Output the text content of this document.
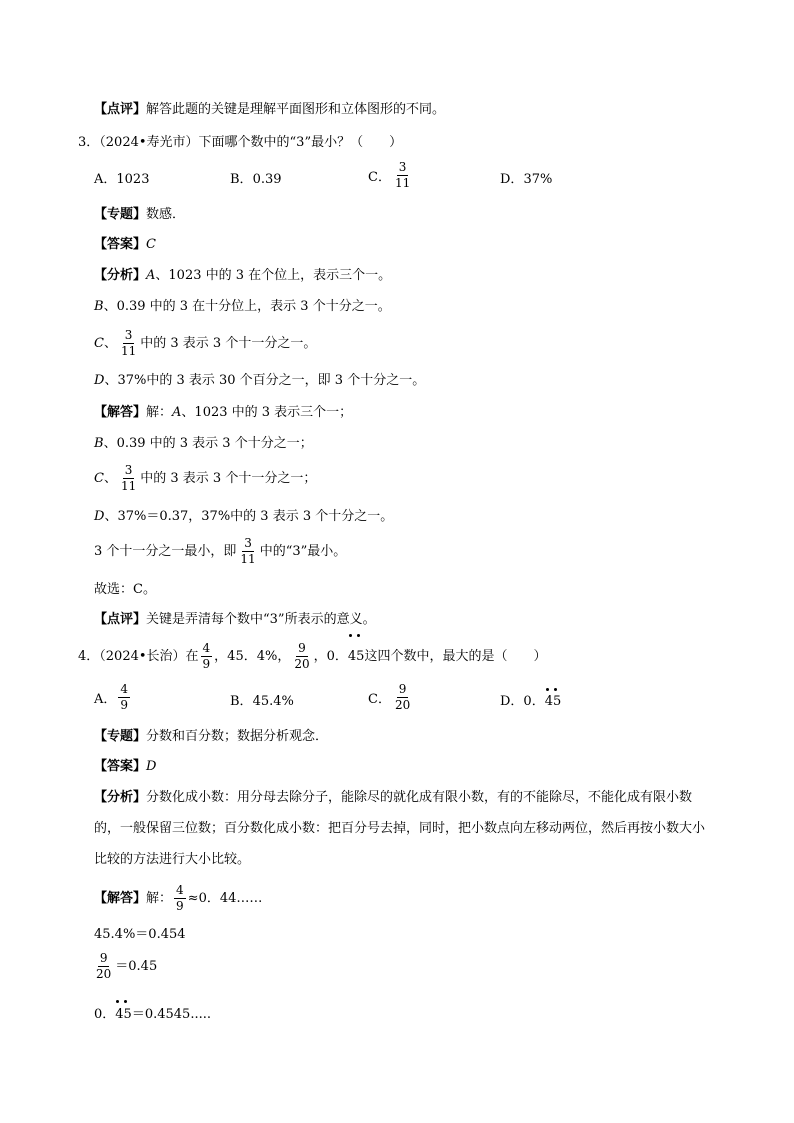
【点评】解答此题的关键是理解平面图形和立体图形的不同。
3．（2024•寿光市）下面哪个数中的“3”最小？（　　）
A．1023	B．0.39	C． $\frac{3}{11}$	D．37%
【专题】数感．
【答案】C
【分析】A、1023 中的 3 在个位上，表示三个一。
B、0.39 中的 3 在十分位上，表示 3 个十分之一。
C、 $\frac{3}{11}$ 中的 3 表示 3 个十一分之一。
D、37%中的 3 表示 30 个百分之一，即 3 个十分之一。
【解答】解：A、1023 中的 3 表示三个一；
B、0.39 中的 3 表示 3 个十分之一；
C、 $\frac{3}{11}$ 中的 3 表示 3 个十一分之一；
D、37%＝0.37，37%中的 3 表示 3 个十分之一。
3 个十一分之一最小，即 $\frac{3}{11}$ 中的“3”最小。
故选：C。
【点评】关键是弄清每个数中“3”所表示的意义。
4．（2024•长治）在 $\frac{4}{9}$ ，45．4%， $\frac{9}{20}$ ，0．
45这四个数中，最大的是（　　）
A． $\frac{4}{9}$	B．45.4%	C． $\frac{9}{20}$	D．0．
45
【专题】分数和百分数；数据分析观念．
【答案】D
【分析】分数化成小数：用分母去除分子，能除尽的就化成有限小数，有的不能除尽，不能化成有限小数的，一般保留三位数；百分数化成小数：把百分号去掉，同时，把小数点向左移动两位，然后再按小数大小比较的方法进行大小比较。
【解答】解： $\frac{4}{9} \approx 0$．44……
45.4%＝0.454
$\frac{9}{20} =0.45$
0．
45＝0.4545.....
